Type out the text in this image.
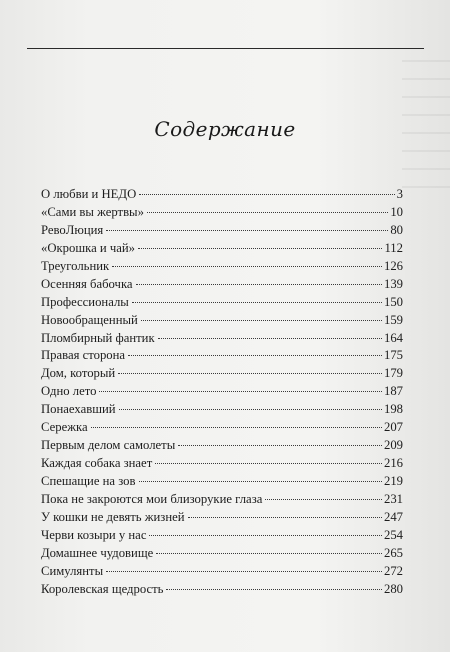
Содержание
О любви и НЕДО	3
«Сами вы жертвы»	10
РевоЛюция	80
«Окрошка и чай»	112
Треугольник	126
Осенняя бабочка	139
Профессионалы	150
Новообращенный	159
Пломбирный фантик	164
Правая сторона	175
Дом, который	179
Одно лето	187
Понаехавший	198
Сережка	207
Первым делом самолеты	209
Каждая собака знает	216
Спешащие на зов	219
Пока не закроются мои близорукие глаза	231
У кошки не девять жизней	247
Черви козыри у нас	254
Домашнее чудовище	265
Симулянты	272
Королевская щедрость	280
